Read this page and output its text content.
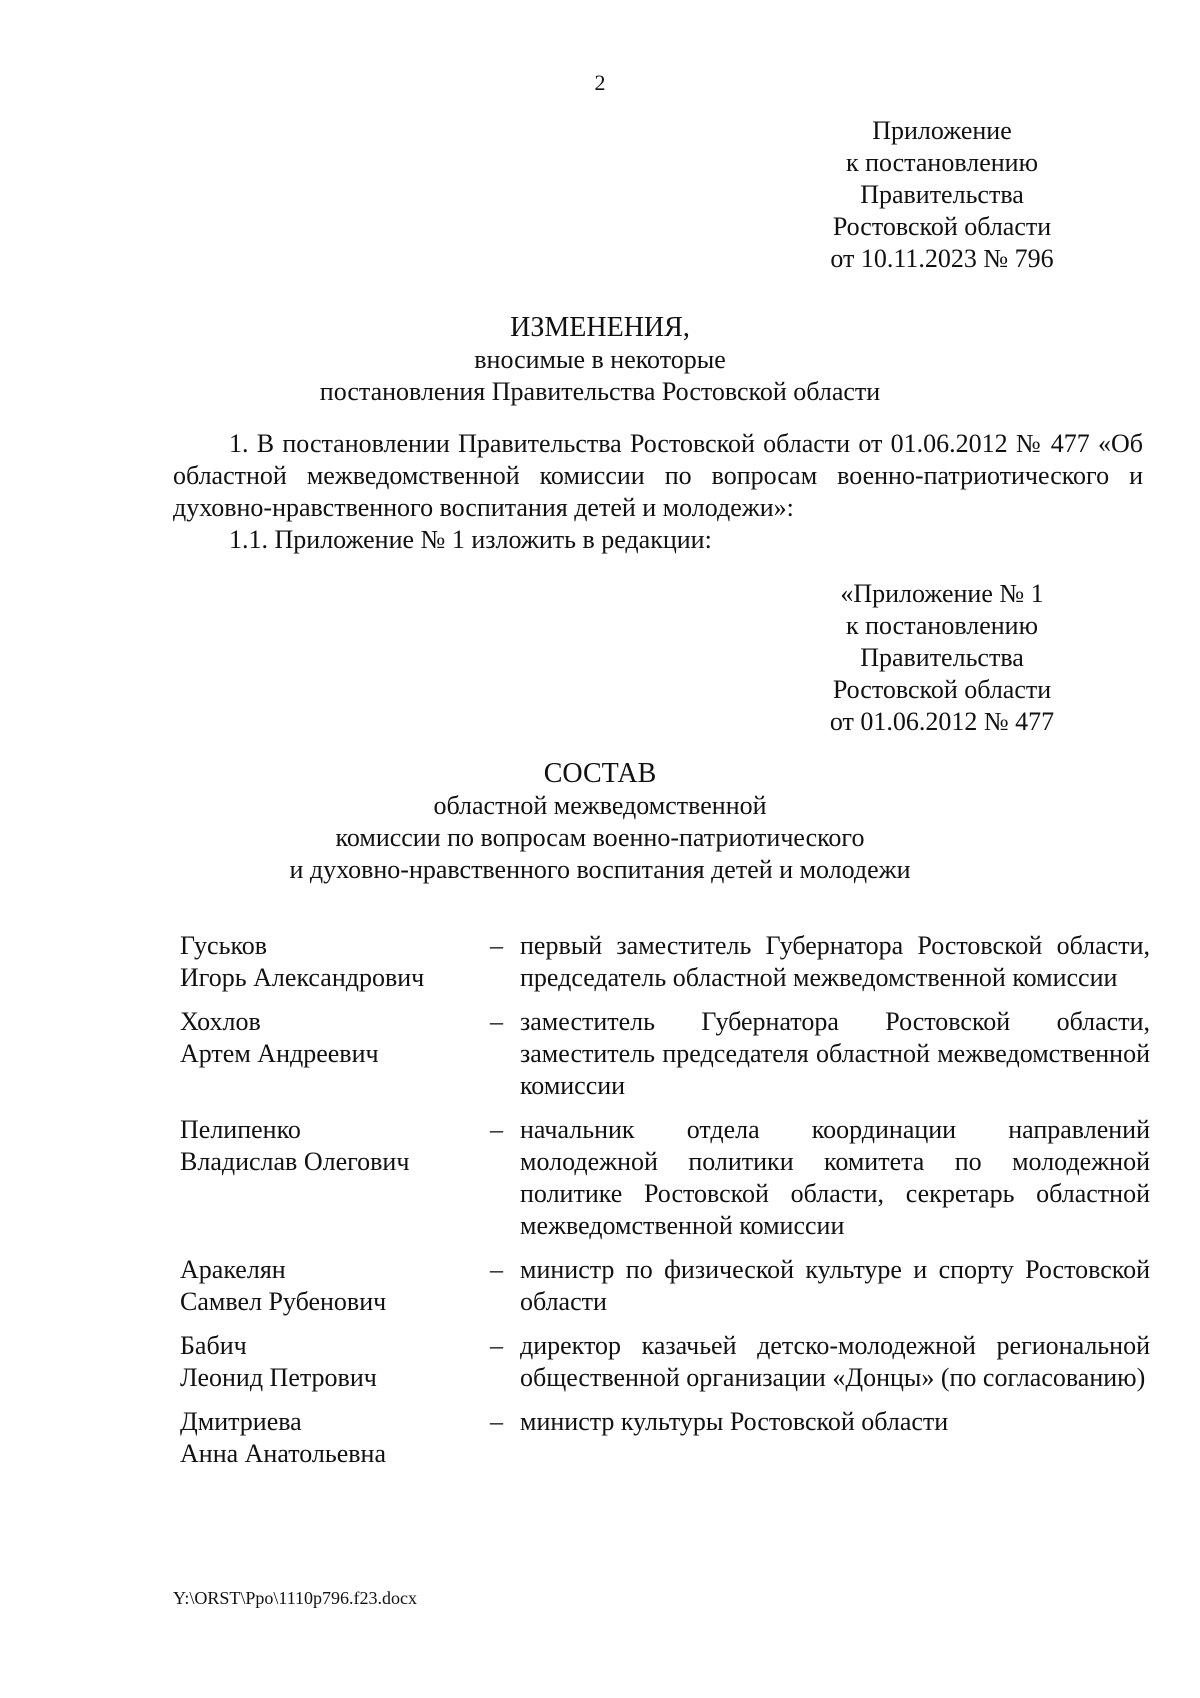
2
Приложение
к постановлению
Правительства
Ростовской области
от 10.11.2023 № 796
ИЗМЕНЕНИЯ,
вносимые в некоторые
постановления Правительства Ростовской области

1. В постановлении Правительства Ростовской области от 01.06.2012 № 477 «Об областной межведомственной комиссии по вопросам военно-патриотического и духовно-нравственного воспитания детей и молодежи»:

1.1. Приложение № 1 изложить в редакции:

«Приложение № 1
к постановлению
Правительства
Ростовской области
от 01.06.2012 № 477
СОСТАВ
областной межведомственной
комиссии по вопросам военно-патриотического
и духовно-нравственного воспитания детей и молодежи
Гуськов
Игорь Александрович
– первый заместитель Губернатора Ростовской области, председатель областной межведомственной комиссии
Хохлов
Артем Андреевич
– заместитель Губернатора Ростовской области, заместитель председателя областной межведомственной комиссии
Пелипенко
Владислав Олегович
– начальник отдела координации направлений молодежной политики комитета по молодежной политике Ростовской области, секретарь областной межведомственной комиссии
Аракелян
Самвел Рубенович
– министр по физической культуре и спорту Ростовской области
Бабич
Леонид Петрович
– директор казачьей детско-молодежной региональной общественной организации «Донцы» (по согласованию)
Дмитриева
Анна Анатольевна
– министр культуры Ростовской области
Y:\ORST\Ppo\1110p796.f23.docx
